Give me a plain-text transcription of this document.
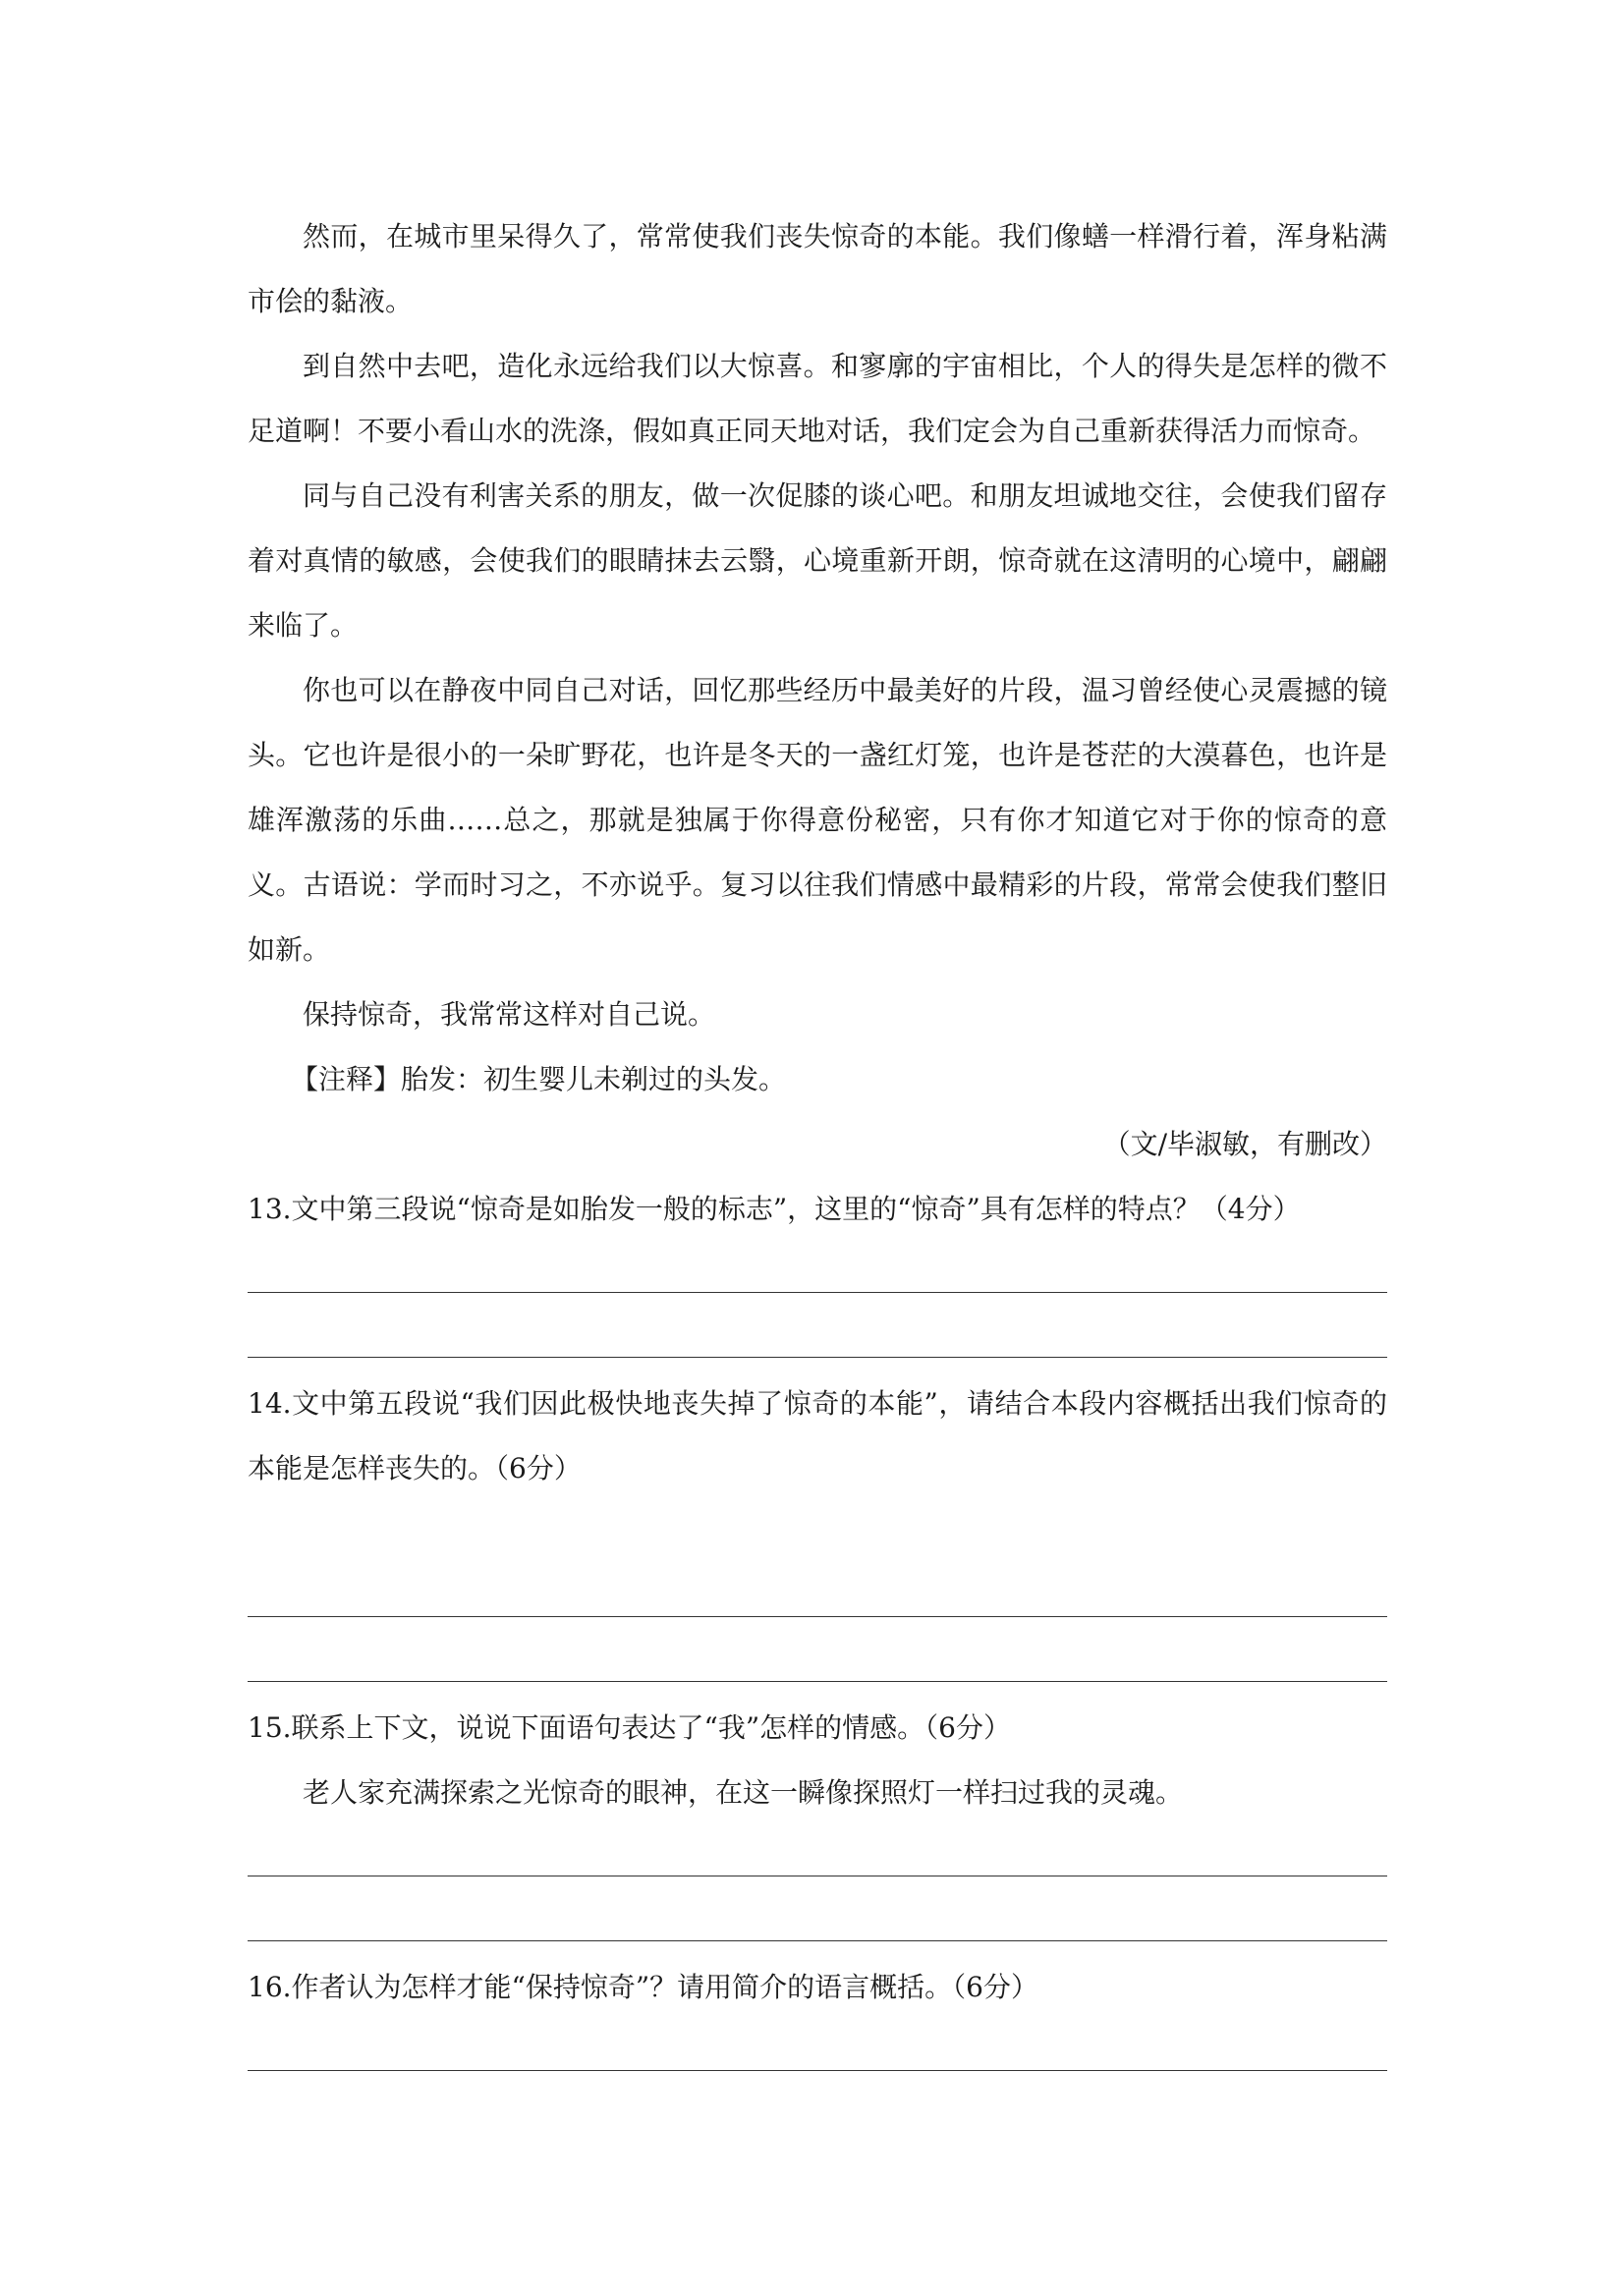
然而，在城市里呆得久了，常常使我们丧失惊奇的本能。我们像蟮一样滑行着，浑身粘满市侩的黏液。

到自然中去吧，造化永远给我们以大惊喜。和寥廓的宇宙相比，个人的得失是怎样的微不足道啊！不要小看山水的洗涤，假如真正同天地对话，我们定会为自己重新获得活力而惊奇。

同与自己没有利害关系的朋友，做一次促膝的谈心吧。和朋友坦诚地交往，会使我们留存着对真情的敏感，会使我们的眼睛抹去云翳，心境重新开朗，惊奇就在这清明的心境中，翩翩来临了。

你也可以在静夜中同自己对话，回忆那些经历中最美好的片段，温习曾经使心灵震撼的镜头。它也许是很小的一朵旷野花，也许是冬天的一盏红灯笼，也许是苍茫的大漠暮色，也许是雄浑激荡的乐曲……总之，那就是独属于你得意份秘密，只有你才知道它对于你的惊奇的意义。古语说：学而时习之，不亦说乎。复习以往我们情感中最精彩的片段，常常会使我们整旧如新。

保持惊奇，我常常这样对自己说。

【注释】胎发：初生婴儿未剃过的头发。

（文/毕淑敏，有删改）

13.文中第三段说“惊奇是如胎发一般的标志”，这里的“惊奇”具有怎样的特点？（4分）

14.文中第五段说“我们因此极快地丧失掉了惊奇的本能”，请结合本段内容概括出我们惊奇的本能是怎样丧失的。（6分）

15.联系上下文，说说下面语句表达了“我”怎样的情感。（6分）

老人家充满探索之光惊奇的眼神，在这一瞬像探照灯一样扫过我的灵魂。

16.作者认为怎样才能“保持惊奇”？请用简介的语言概括。（6分）
